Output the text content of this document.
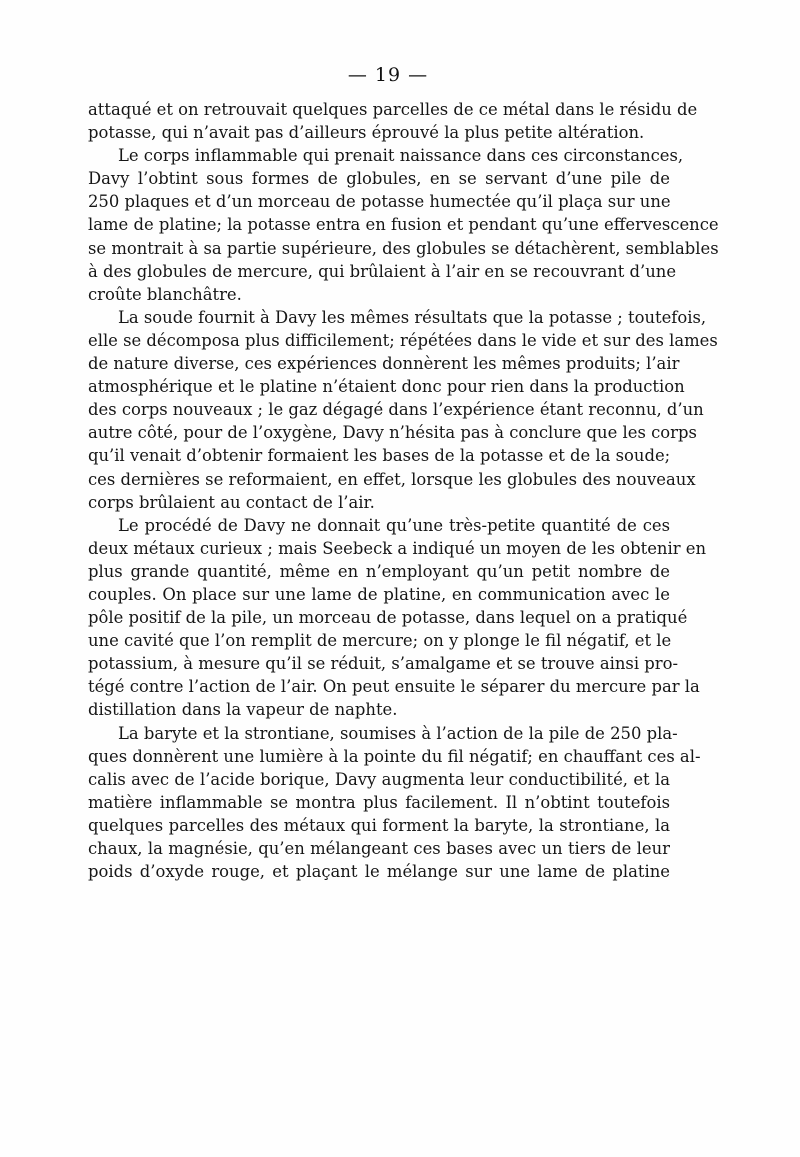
— 19 —
attaqué et on retrouvait quelques parcelles de ce métal dans le résidu de
potasse, qui n’avait pas d’ailleurs éprouvé la plus petite altération.
Le corps inflammable qui prenait naissance dans ces circonstances,
Davy l’obtint sous formes de globules, en se servant d’une pile de
250 plaques et d’un morceau de potasse humectée qu’il plaça sur une
lame de platine; la potasse entra en fusion et pendant qu’une effervescence
se montrait à sa partie supérieure, des globules se détachèrent, semblables
à des globules de mercure, qui brûlaient à l’air en se recouvrant d’une
croûte blanchâtre.
La soude fournit à Davy les mêmes résultats que la potasse ; toutefois,
elle se décomposa plus difficilement; répétées dans le vide et sur des lames
de nature diverse, ces expériences donnèrent les mêmes produits; l’air
atmosphérique et le platine n’étaient donc pour rien dans la production
des corps nouveaux ; le gaz dégagé dans l’expérience étant reconnu, d’un
autre côté, pour de l’oxygène, Davy n’hésita pas à conclure que les corps
qu’il venait d’obtenir formaient les bases de la potasse et de la soude;
ces dernières se reformaient, en effet, lorsque les globules des nouveaux
corps brûlaient au contact de l’air.
Le procédé de Davy ne donnait qu’une très-petite quantité de ces
deux métaux curieux ; mais Seebeck a indiqué un moyen de les obtenir en
plus grande quantité, même en n’employant qu’un petit nombre de
couples. On place sur une lame de platine, en communication avec le
pôle positif de la pile, un morceau de potasse, dans lequel on a pratiqué
une cavité que l’on remplit de mercure; on y plonge le fil négatif, et le
potassium, à mesure qu’il se réduit, s’amalgame et se trouve ainsi pro-
tégé contre l’action de l’air. On peut ensuite le séparer du mercure par la
distillation dans la vapeur de naphte.
La baryte et la strontiane, soumises à l’action de la pile de 250 pla-
ques donnèrent une lumière à la pointe du fil négatif; en chauffant ces al-
calis avec de l’acide borique, Davy augmenta leur conductibilité, et la
matière inflammable se montra plus facilement. Il n’obtint toutefois
quelques parcelles des métaux qui forment la baryte, la strontiane, la
chaux, la magnésie, qu’en mélangeant ces bases avec un tiers de leur
poids d’oxyde rouge, et plaçant le mélange sur une lame de platine
